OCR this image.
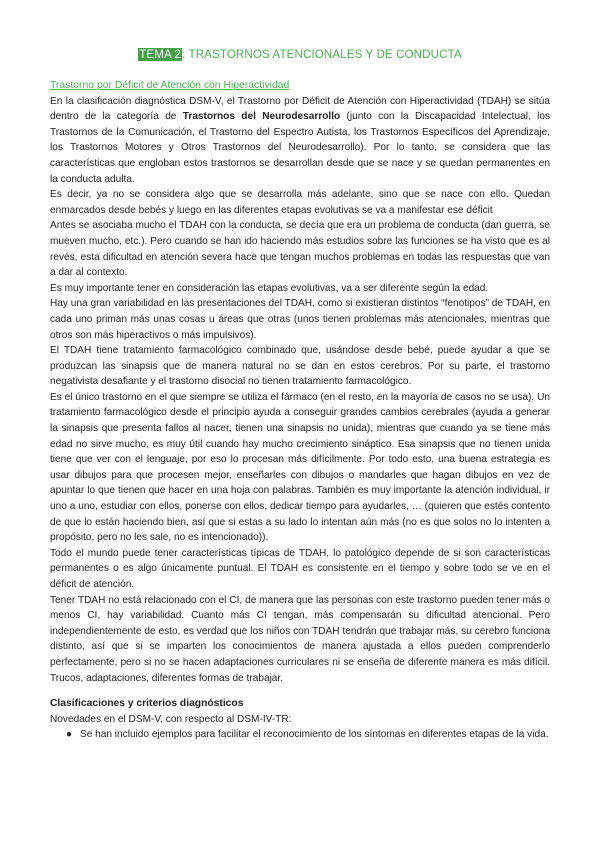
TEMA 2: TRASTORNOS ATENCIONALES Y DE CONDUCTA
Trastorno por Déficit de Atención con Hiperactividad

En la clasificación diagnóstica DSM-V, el Trastorno por Déficit de Atención con Hiperactividad (TDAH) se sitúa dentro de la categoría de Trastornos del Neurodesarrollo (junto con la Discapacidad Intelectual, los Trastornos de la Comunicación, el Trastorno del Espectro Autista, los Trastornos Específicos del Aprendizaje, los Trastornos Motores y Otros Trastornos del Neurodesarrollo). Por lo tanto, se considera que las características que engloban estos trastornos se desarrollan desde que se nace y se quedan permanentes en la conducta adulta.

Es decir, ya no se considera algo que se desarrolla más adelante, sino que se nace con ello. Quedan enmarcados desde bebés y luego en las diferentes etapas evolutivas se va a manifestar ese déficit

Antes se asociaba mucho el TDAH con la conducta, se decía que era un problema de conducta (dan guerra, se mueven mucho, etc.). Pero cuando se han ido haciendo más estudios sobre las funciones se ha visto que es al revés, esta dificultad en atención severa hace que tengan muchos problemas en todas las respuestas que van a dar al contexto.

Es muy importante tener en consideración las etapas evolutivas, va a ser diferente según la edad.

Hay una gran variabilidad en las presentaciones del TDAH, como si existieran distintos “fenotipos” de TDAH, en cada uno priman más unas cosas u áreas que otras (unos tienen problemas más atencionales, mientras que otros son más hiperactivos o más impulsivos).

El TDAH tiene tratamiento farmacológico combinado que, usándose desde bebé, puede ayudar a que se produzcan las sinapsis que de manera natural no se dan en estos cerebros. Por su parte, el trastorno negativista desafiante y el trastorno disocial no tienen tratamiento farmacológico.

Es el único trastorno en el que siempre se utiliza el fármaco (en el resto, en la mayoría de casos no se usa). Un tratamiento farmacológico desde el principio ayuda a conseguir grandes cambios cerebrales (ayuda a generar la sinapsis que presenta fallos al nacer, tienen una sinapsis no unida), mientras que cuando ya se tiene más edad no sirve mucho, es muy útil cuando hay mucho crecimiento sináptico. Esa sinapsis que no tienen unida tiene que ver con el lenguaje, por eso lo procesan más difícilmente. Por todo esto, una buena estrategia es usar dibujos para que procesen mejor, enseñarles con dibujos o mandarles que hagan dibujos en vez de apuntar lo que tienen que hacer en una hoja con palabras. También es muy importante la atención individual, ir uno a uno, estudiar con ellos, ponerse con ellos, dedicar tiempo para ayudarles, … (quieren que estés contento de que lo están haciendo bien, así que si estas a su lado lo intentan aún más (no es que solos no lo intenten a propósito, pero no les sale, no es intencionado)).

Todo el mundo puede tener características típicas de TDAH, lo patológico depende de si son características permanentes o es algo únicamente puntual. El TDAH es consistente en el tiempo y sobre todo se ve en el déficit de atención.

Tener TDAH no está relacionado con el CI, de manera que las personas con este trastorno pueden tener más o menos CI, hay variabilidad. Cuanto más CI tengan, más compensarán su dificultad atencional. Pero independientemente de esto, es verdad que los niños con TDAH tendrán que trabajar más, su cerebro funciona distinto, así que si se imparten los conocimientos de manera ajustada a ellos pueden comprenderlo perfectamente, pero si no se hacen adaptaciones curriculares ni se enseña de diferente manera es más difícil. Trucos, adaptaciones, diferentes formas de trabajar.

Clasificaciones y criterios diagnósticos

Novedades en el DSM-V, con respecto al DSM-IV-TR:

● Se han incluido ejemplos para facilitar el reconocimiento de los síntomas en diferentes etapas de la vida.
